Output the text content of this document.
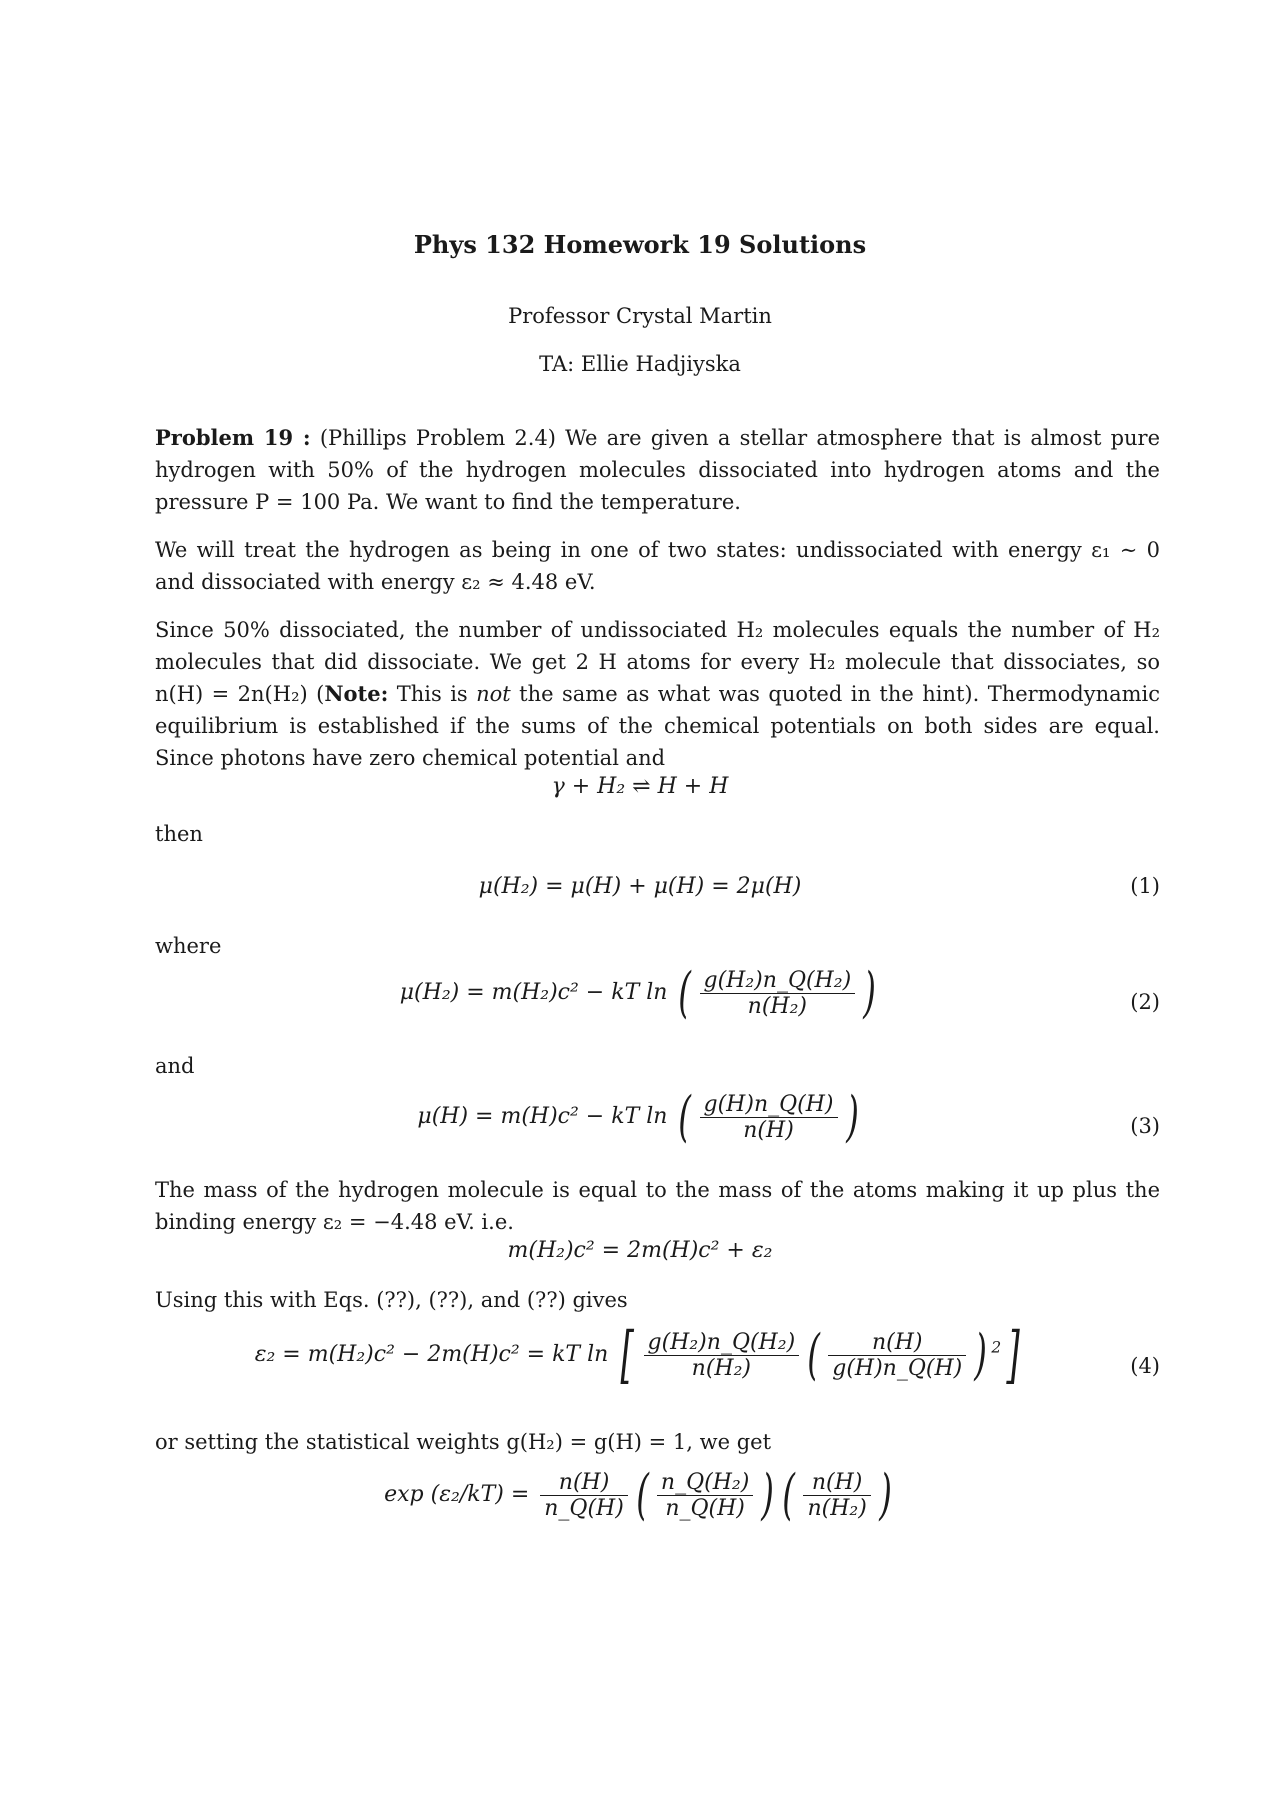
Phys 132 Homework 19 Solutions
Professor Crystal Martin
TA: Ellie Hadjiyska
Problem 19 : (Phillips Problem 2.4) We are given a stellar atmosphere that is almost pure hydrogen with 50% of the hydrogen molecules dissociated into hydrogen atoms and the pressure P = 100 Pa. We want to find the temperature.
We will treat the hydrogen as being in one of two states: undissociated with energy ε₁ ∼ 0 and dissociated with energy ε₂ ≈ 4.48 eV.
Since 50% dissociated, the number of undissociated H₂ molecules equals the number of H₂ molecules that did dissociate. We get 2 H atoms for every H₂ molecule that dissociates, so n(H) = 2n(H₂) (Note: This is not the same as what was quoted in the hint). Thermodynamic equilibrium is established if the sums of the chemical potentials on both sides are equal. Since photons have zero chemical potential and
γ + H₂ ⇌ H + H
then
μ(H₂) = μ(H) + μ(H) = 2μ(H)	(1)
where
μ(H₂) = m(H₂)c² − kT ln ( $\frac{\text{g(H₂)n\_Q(H₂)}}{\text{n(H₂)}}$ )	(2)
and
μ(H) = m(H)c² − kT ln ( $\frac{g(H)n\_Q(H)}{n(H)}$ )	(3)
The mass of the hydrogen molecule is equal to the mass of the atoms making it up plus the binding energy ε₂ = −4.48 eV. i.e.
m(H₂)c² = 2m(H)c² + ε₂
Using this with Eqs. (??), (??), and (??) gives
ε₂ = m(H₂)c² − 2m(H)c² = kT ln [ $\frac{\text{g(H₂)n\_Q(H₂)}}{\text{n(H₂)}}$ ( $\frac{n(H)}{g(H)n\_Q(H)}$ ) $^2$]	(4)
or setting the statistical weights g(H₂) = g(H) = 1, we get
$\exp (\varepsilon_2/kT) = \frac{n(H)}{n\_Q(H)}$ ( $\frac{\text{n\_Q(H₂)}}{n\_Q(H)}$ ) ( $\frac{n(H)}{\text{n(H₂)}}$ )
